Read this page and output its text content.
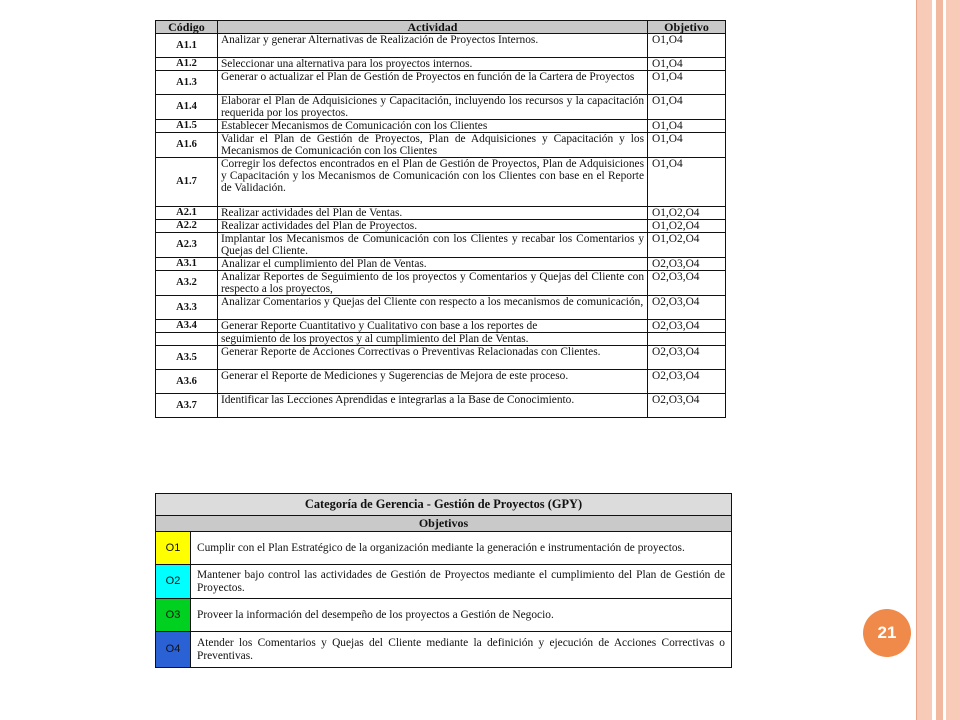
Código	Actividad	Objetivo
A1.1	Analizar y generar Alternativas de Realización de Proyectos Internos.	O1,O4
A1.2	Seleccionar una alternativa para los proyectos internos.	O1,O4
A1.3	Generar o actualizar el Plan de Gestión de Proyectos en función de la Cartera de Proyectos	O1,O4
A1.4	Elaborar el Plan de Adquisiciones y Capacitación, incluyendo los recursos y la capacitación requerida por los proyectos.	O1,O4
A1.5	Establecer Mecanismos de Comunicación con los Clientes	O1,O4
A1.6	Validar el Plan de Gestión de Proyectos, Plan de Adquisiciones y Capacitación y los Mecanismos de Comunicación con los Clientes	O1,O4
A1.7	Corregir los defectos encontrados en el Plan de Gestión de Proyectos, Plan de Adquisiciones y Capacitación y los Mecanismos de Comunicación con los Clientes con base en el Reporte de Validación.	O1,O4
A2.1	Realizar actividades del Plan de Ventas.	O1,O2,O4
A2.2	Realizar actividades del Plan de Proyectos.	O1,O2,O4
A2.3	Implantar los Mecanismos de Comunicación con los Clientes y recabar los Comentarios y Quejas del Cliente.	O1,O2,O4
A3.1	Analizar el cumplimiento del Plan de Ventas.	O2,O3,O4
A3.2	Analizar Reportes de Seguimiento de los proyectos y Comentarios y Quejas del Cliente con respecto a los proyectos,	O2,O3,O4
A3.3	Analizar Comentarios y Quejas del Cliente con respecto a los mecanismos de comunicación,	O2,O3,O4
A3.4	Generar Reporte Cuantitativo y Cualitativo con base a los reportes de	O2,O3,O4
	seguimiento de los proyectos y al cumplimiento del Plan de Ventas.	
A3.5	Generar Reporte de Acciones Correctivas o Preventivas Relacionadas con Clientes.	O2,O3,O4
A3.6	Generar el Reporte de Mediciones y Sugerencias de Mejora de este proceso.	O2,O3,O4
A3.7	Identificar las Lecciones Aprendidas e integrarlas a la Base de Conocimiento.	O2,O3,O4
Categoría de Gerencia - Gestión de Proyectos (GPY)	
Objetivos	
O1	Cumplir con el Plan Estratégico de la organización mediante la generación e instrumentación de proyectos.
O2	Mantener bajo control las actividades de Gestión de Proyectos mediante el cumplimiento del Plan de Gestión de Proyectos.
O3	Proveer la información del desempeño de los proyectos a Gestión de Negocio.
O4	Atender los Comentarios y Quejas del Cliente mediante la definición y ejecución de Acciones Correctivas o Preventivas.
21
